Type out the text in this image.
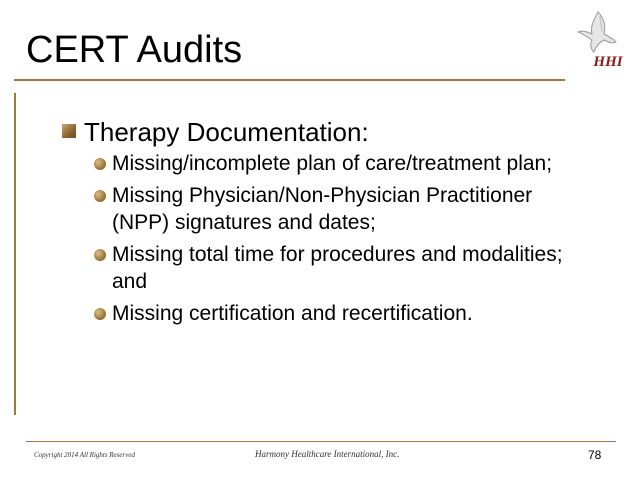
CERT Audits	HHI
Therapy Documentation:
Missing/incomplete plan of care/treatment plan;
Missing Physician/Non-Physician Practitioner (NPP) signatures and dates;
Missing total time for procedures and modalities; and
Missing certification and recertification.
Copyright 2014 All Rights Reserved	Harmony Healthcare International, Inc.	78
